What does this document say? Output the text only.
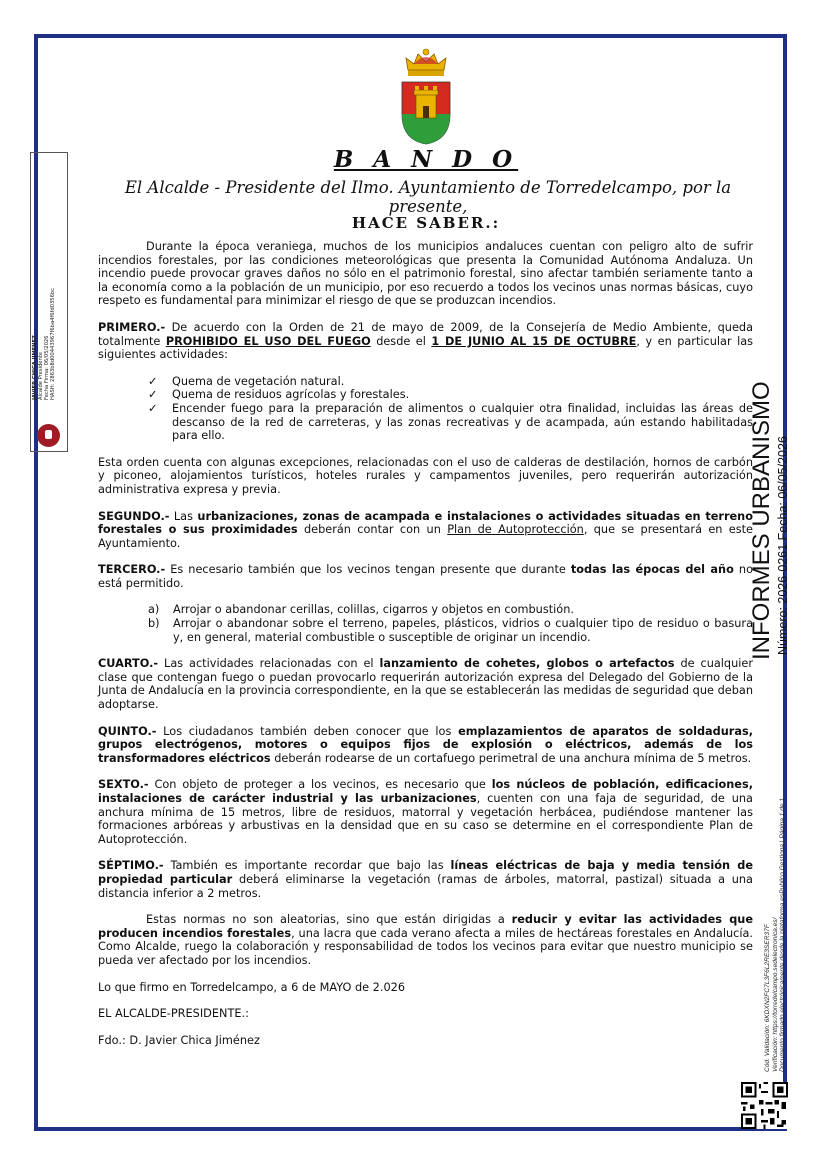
B A N D O
El Alcalde - Presidente del Ilmo. Ayuntamiento de Torredelcampo, por la presente,
HACE SABER.:

Durante la época veraniega, muchos de los municipios andaluces cuentan con peligro alto de sufrir incendios forestales, por las condiciones meteorológicas que presenta la Comunidad Autónoma Andaluza. Un incendio puede provocar graves daños no sólo en el patrimonio forestal, sino afectar también seriamente tanto a la economía como a la población de un municipio, por eso recuerdo a todos los vecinos unas normas básicas, cuyo respeto es fundamental para minimizar el riesgo de que se produzcan incendios.

PRIMERO.- De acuerdo con la Orden de 21 de mayo de 2009, de la Consejería de Medio Ambiente, queda totalmente PROHIBIDO EL USO DEL FUEGO desde el 1 DE JUNIO AL 15 DE OCTUBRE, y en particular las siguientes actividades:

✓ Quema de vegetación natural.
✓ Quema de residuos agrícolas y forestales.
✓ Encender fuego para la preparación de alimentos o cualquier otra finalidad, incluidas las áreas de descanso de la red de carreteras, y las zonas recreativas y de acampada, aún estando habilitadas para ello.

Esta orden cuenta con algunas excepciones, relacionadas con el uso de calderas de destilación, hornos de carbón y piconeo, alojamientos turísticos, hoteles rurales y campamentos juveniles, pero requerirán autorización administrativa expresa y previa.

SEGUNDO.- Las urbanizaciones, zonas de acampada e instalaciones o actividades situadas en terreno forestales o sus proximidades deberán contar con un Plan de Autoprotección, que se presentará en este Ayuntamiento.

TERCERO.- Es necesario también que los vecinos tengan presente que durante todas las épocas del año no está permitido.

a) Arrojar o abandonar cerillas, colillas, cigarros y objetos en combustión.
b) Arrojar o abandonar sobre el terreno, papeles, plásticos, vidrios o cualquier tipo de residuo o basura y, en general, material combustible o susceptible de originar un incendio.

CUARTO.- Las actividades relacionadas con el lanzamiento de cohetes, globos o artefactos de cualquier clase que contengan fuego o puedan provocarlo requerirán autorización expresa del Delegado del Gobierno de la Junta de Andalucía en la provincia correspondiente, en la que se establecerán las medidas de seguridad que deban adoptarse.

QUINTO.- Los ciudadanos también deben conocer que los emplazamientos de aparatos de soldaduras, grupos electrógenos, motores o equipos fijos de explosión o eléctricos, además de los transformadores eléctricos deberán rodearse de un cortafuego perimetral de una anchura mínima de 5 metros.

SEXTO.- Con objeto de proteger a los vecinos, es necesario que los núcleos de población, edificaciones, instalaciones de carácter industrial y las urbanizaciones, cuenten con una faja de seguridad, de una anchura mínima de 15 metros, libre de residuos, matorral y vegetación herbácea, pudiéndose mantener las formaciones arbóreas y arbustivas en la densidad que en su caso se determine en el correspondiente Plan de Autoprotección.

SÉPTIMO.- También es importante recordar que bajo las líneas eléctricas de baja y media tensión de propiedad particular deberá eliminarse la vegetación (ramas de árboles, matorral, pastizal) situada a una distancia inferior a 2 metros.

Estas normas no son aleatorias, sino que están dirigidas a reducir y evitar las actividades que producen incendios forestales, una lacra que cada verano afecta a miles de hectáreas forestales en Andalucía. Como Alcalde, ruego la colaboración y responsabilidad de todos los vecinos para evitar que nuestro municipio se pueda ver afectado por los incendios.

Lo que firmo en Torredelcampo, a 6 de MAYO de 2.026

EL ALCALDE-PRESIDENTE.:

Fdo.: D. Javier Chica Jiménez

JAVIER CHICA JIMENEZ Alcalde Presidente Fecha Firma: 06/05/2026 HASH: 2863b8d00443967f6ba4f6fd0356bc
INFORMES URBANISMO Número: 2026-0261 Fecha: 06/05/2026
Cód. Validación: 6KDXN2FC7L3F6L2RE3SER37F Verificación: https://torredelcampo.sedelectronica.es/ Documento firmado electrónicamente desde la plataforma esPublico Gestiona | Página 1 de 1
